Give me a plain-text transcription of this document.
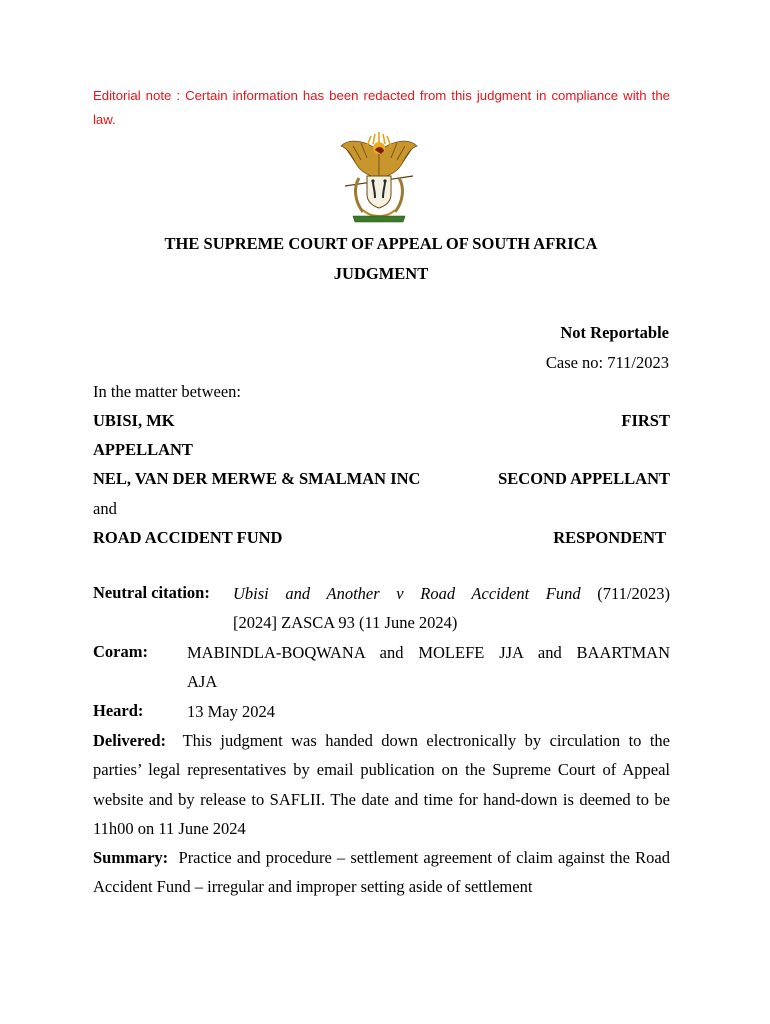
Editorial note : Certain information has been redacted from this judgment in compliance with the law.
THE SUPREME COURT OF APPEAL OF SOUTH AFRICA
JUDGMENT
Not Reportable
Case no: 711/2023
In the matter between:
UBISI, MK	FIRST
APPELLANT
NEL, VAN DER MERWE & SMALMAN INC	SECOND APPELLANT
and
ROAD ACCIDENT FUND	RESPONDENT
Neutral citation: Ubisi and Another v Road Accident Fund (711/2023)
[2024] ZASCA 93 (11 June 2024)
Coram: MABINDLA-BOQWANA and MOLEFE JJA and BAARTMAN
AJA
Heard:	13 May 2024
Delivered: This judgment was handed down electronically by circulation to the parties’ legal representatives by email publication on the Supreme Court of Appeal website and by release to SAFLII. The date and time for hand-down is deemed to be 11h00 on 11 June 2024
Summary: Practice and procedure – settlement agreement of claim against the Road Accident Fund – irregular and improper setting aside of settlement
